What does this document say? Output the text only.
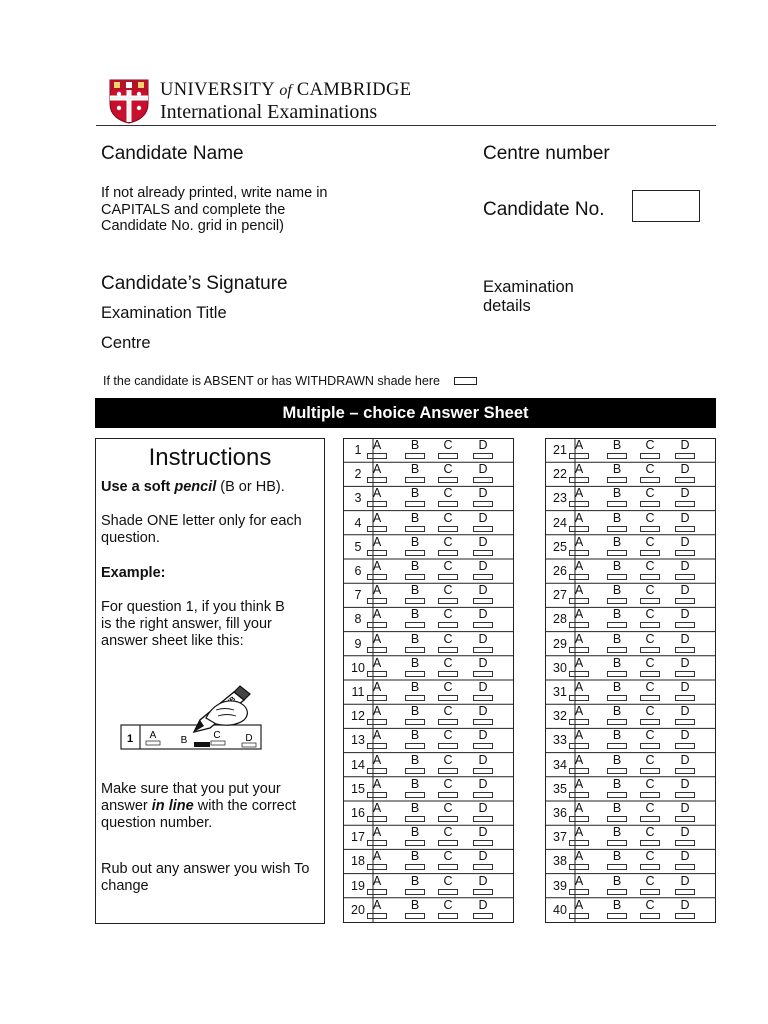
UNIVERSITY of CAMBRIDGE
International Examinations
Candidate Name
If not already printed, write name in CAPITALS and complete the Candidate No. grid in pencil)
Candidate’s Signature
Examination Title
Centre
Centre number
Candidate No.
Examination details
If the candidate is ABSENT or has WITHDRAWN shade here
Multiple – choice Answer Sheet
Instructions
Use a soft pencil (B or HB).
Shade ONE letter only for each question.
Example:
For question 1, if you think B is the right answer, fill your answer sheet like this:
1 A B	C D
Make sure that you put your answer in line with the correct question number.
Rub out any answer you wish To change
1 A	B	C	D
2 A	B	C	D
3 A	B	C	D
4 A	B	C	D
5 A	B	C	D
6 A	B	C	D
7 A	B	C	D
8 A	B	C	D
9 A	B	C	D
10 A	B	C	D
11 A	B	C	D
12 A	B	C	D
13 A	B	C	D
14 A	B	C	D
15 A	B	C	D
16 A	B	C	D
17 A	B	C	D
18 A	B	C	D
19 A	B	C	D
20 A	B	C	D
21 A	B	C	D
22 A	B	C	D
23 A	B	C	D
24 A	B	C	D
25 A	B	C	D
26 A	B	C	D
27 A	B	C	D
28 A	B	C	D
29 A	B	C	D
30 A	B	C	D
31 A	B	C	D
32 A	B	C	D
33 A	B	C	D
34 A	B	C	D
35 A	B	C	D
36 A	B	C	D
37 A	B	C	D
38 A	B	C	D
39 A	B	C	D
40 A	B	C	D
